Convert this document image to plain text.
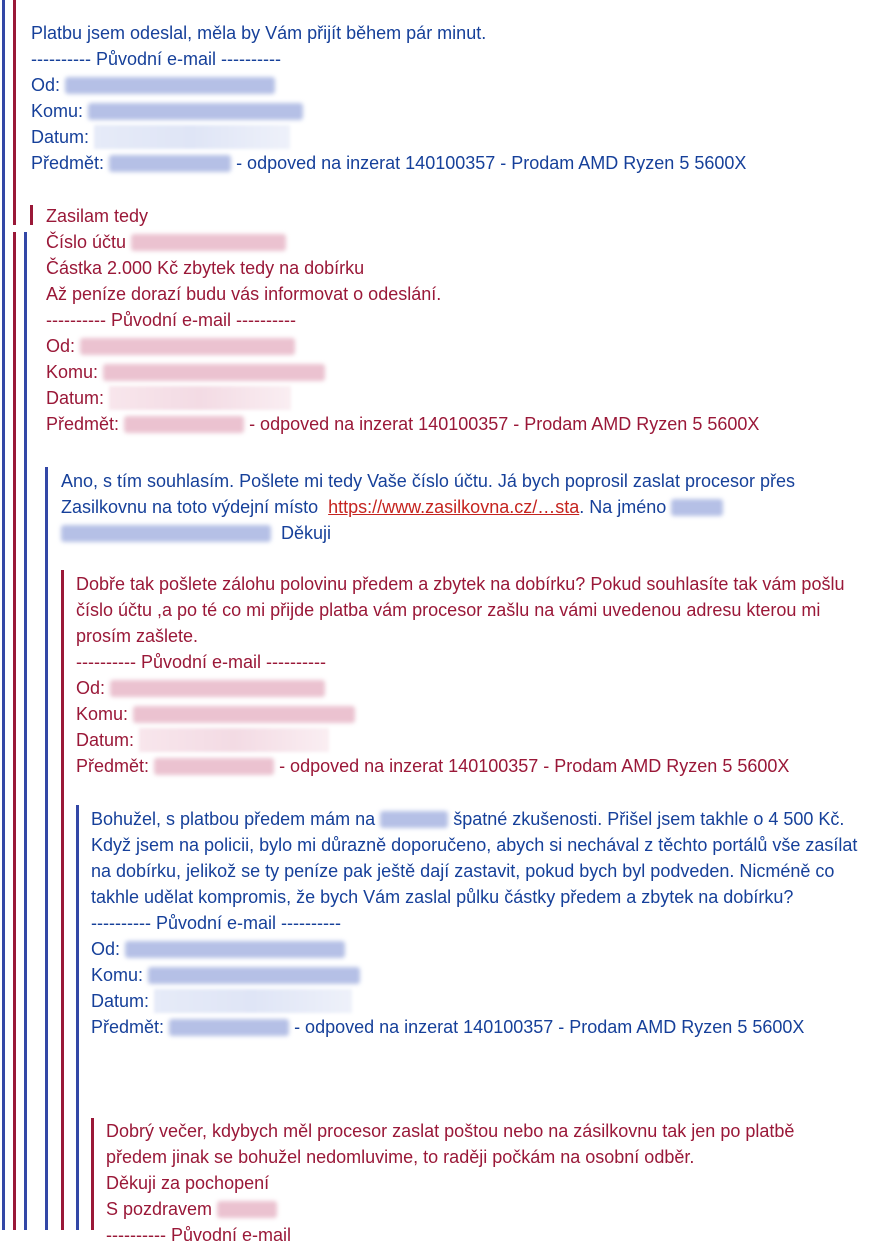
Platbu jsem odeslal, měla by Vám přijít během pár minut.
---------- Původní e-mail ----------
Od:
Komu:
Datum:
Předmět:	- odpoved na inzerat 140100357 - Prodam AMD Ryzen 5 5600X
Zasilam tedy
Číslo účtu
Částka 2.000 Kč zbytek tedy na dobírku
Až peníze dorazí budu vás informovat o odeslání.
---------- Původní e-mail ----------
Od:
Komu:
Datum:
Předmět:	- odpoved na inzerat 140100357 - Prodam AMD Ryzen 5 5600X
Ano, s tím souhlasím. Pošlete mi tedy Vaše číslo účtu. Já bych poprosil zaslat procesor přes Zasilkovnu na toto výdejní místo https://www.zasilkovna.cz/…sta. Na jméno    Děkuji
Dobře tak pošlete zálohu polovinu předem a zbytek na dobírku? Pokud souhlasíte tak vám pošlu číslo účtu ,a po té co mi přijde platba vám procesor zašlu na vámi uvedenou adresu kterou mi prosím zašlete.
---------- Původní e-mail ----------
Od:
Komu:
Datum:
Předmět:	- odpoved na inzerat 140100357 - Prodam AMD Ryzen 5 5600X
Bohužel, s platbou předem mám na	špatné zkušenosti. Přišel jsem takhle o 4 500 Kč. Když jsem na policii, bylo mi důrazně doporučeno, abych si nechával z těchto portálů vše zasílat na dobírku, jelikož se ty peníze pak ještě dají zastavit, pokud bych byl podveden. Nicméně co takhle udělat kompromis, že bych Vám zaslal půlku částky předem a zbytek na dobírku?
---------- Původní e-mail ----------
Od:
Komu:
Datum:
Předmět:	- odpoved na inzerat 140100357 - Prodam AMD Ryzen 5 5600X
Dobrý večer, kdybych měl procesor zaslat poštou nebo na zásilkovnu tak jen po platbě předem jinak se bohužel nedomluvime, to raději počkám na osobní odběr.
Děkuji za pochopení
S pozdravem
---------- Původní e-mail
